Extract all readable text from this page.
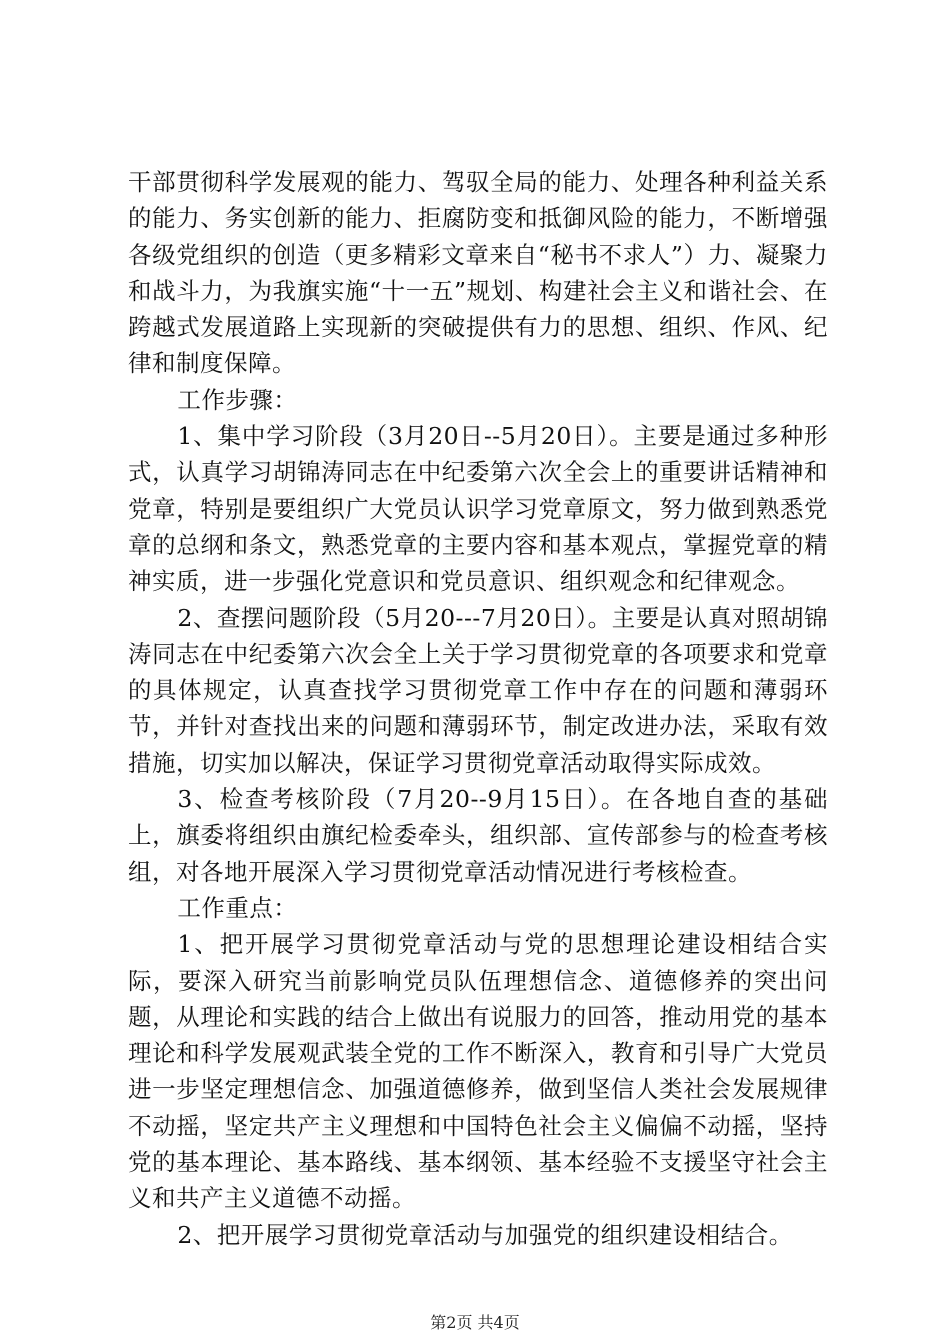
干部贯彻科学发展观的能力、驾驭全局的能力、处理各种利益关系的能力、务实创新的能力、拒腐防变和抵御风险的能力，不断增强各级党组织的创造（更多精彩文章来自“秘书不求人”）力、凝聚力和战斗力，为我旗实施“十一五”规划、构建社会主义和谐社会、在跨越式发展道路上实现新的突破提供有力的思想、组织、作风、纪律和制度保障。

工作步骤：

1、集中学习阶段（3月20日--5月20日）。主要是通过多种形式，认真学习胡锦涛同志在中纪委第六次全会上的重要讲话精神和党章，特别是要组织广大党员认识学习党章原文，努力做到熟悉党章的总纲和条文，熟悉党章的主要内容和基本观点，掌握党章的精神实质，进一步强化党意识和党员意识、组织观念和纪律观念。

2、查摆问题阶段（5月20---7月20日）。主要是认真对照胡锦涛同志在中纪委第六次会全上关于学习贯彻党章的各项要求和党章的具体规定，认真查找学习贯彻党章工作中存在的问题和薄弱环节，并针对查找出来的问题和薄弱环节，制定改进办法，采取有效措施，切实加以解决，保证学习贯彻党章活动取得实际成效。

3、检查考核阶段（7月20--9月15日）。在各地自查的基础上，旗委将组织由旗纪检委牵头，组织部、宣传部参与的检查考核组，对各地开展深入学习贯彻党章活动情况进行考核检查。

工作重点：

1、把开展学习贯彻党章活动与党的思想理论建设相结合实际，要深入研究当前影响党员队伍理想信念、道德修养的突出问题，从理论和实践的结合上做出有说服力的回答，推动用党的基本理论和科学发展观武装全党的工作不断深入，教育和引导广大党员进一步坚定理想信念、加强道德修养，做到坚信人类社会发展规律不动摇，坚定共产主义理想和中国特色社会主义偏偏不动摇，坚持党的基本理论、基本路线、基本纲领、基本经验不支援坚守社会主义和共产主义道德不动摇。

2、把开展学习贯彻党章活动与加强党的组织建设相结合。

第2页 共4页
